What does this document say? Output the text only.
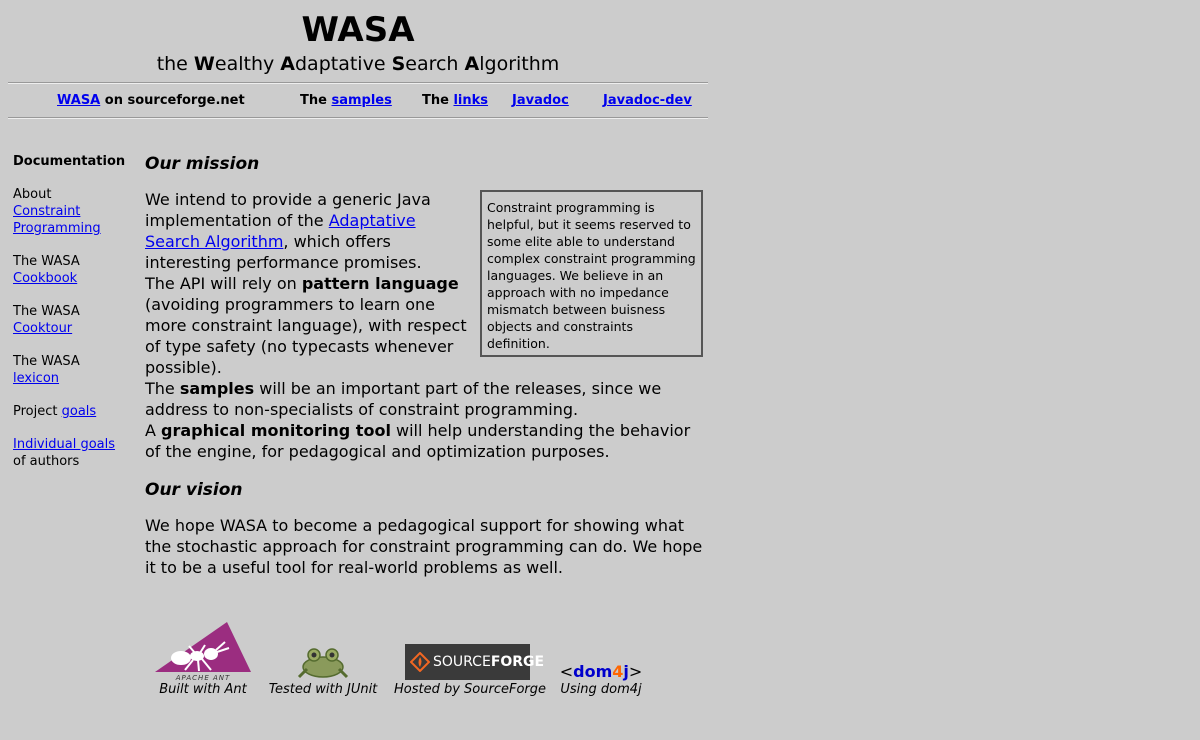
WASA
the Wealthy Adaptative Search Algorithm
WASA on sourceforge.net	The samples The links Javadoc	Javadoc-dev
Documentation
About
Constraint Programming
The WASA
Cookbook
The WASA
Cooktour
The WASA
lexicon
Project goals
Individual goals
of authors
Our mission
We intend to provide a generic Java implementation of the Adaptative Search Algorithm, which offers interesting performance promises.
The API will rely on pattern language (avoiding programmers to learn one more constraint language), with respect of type safety (no typecasts whenever possible).
The samples will be an important part of the releases, since we address to non-specialists of constraint programming.
A graphical monitoring tool will help understanding the behavior of the engine, for pedagogical and optimization purposes.
Our vision
We hope WASA to become a pedagogical support for showing what the stochastic approach for constraint programming can do. We hope it to be a useful tool for real-world problems as well.
Constraint programming is helpful, but it seems reserved to some elite able to understand complex constraint programming languages. We believe in an approach with no impedance mismatch between buisness objects and constraints definition.
APACHE ANT
Built with Ant	Tested with JUnit
SOURCEFORGE
Hosted by SourceForge
<dom4j>
Using dom4j
